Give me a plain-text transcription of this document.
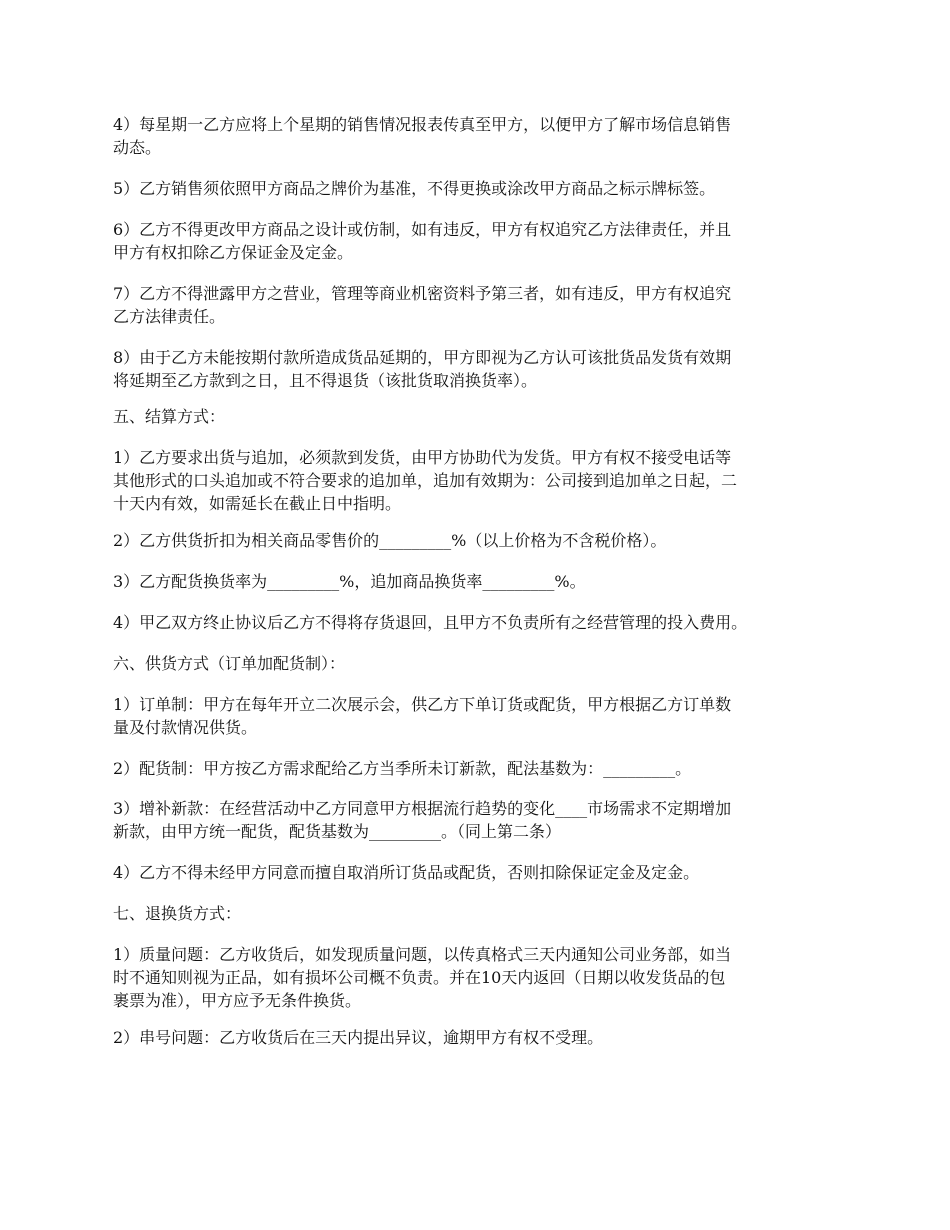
4）每星期一乙方应将上个星期的销售情况报表传真至甲方，以便甲方了解市场信息销售
动态。
5）乙方销售须依照甲方商品之牌价为基准，不得更换或涂改甲方商品之标示牌标签。
6）乙方不得更改甲方商品之设计或仿制，如有违反，甲方有权追究乙方法律责任，并且
甲方有权扣除乙方保证金及定金。
7）乙方不得泄露甲方之营业，管理等商业机密资料予第三者，如有违反，甲方有权追究
乙方法律责任。
8）由于乙方未能按期付款所造成货品延期的，甲方即视为乙方认可该批货品发货有效期
将延期至乙方款到之日，且不得退货（该批货取消换货率）。
五、结算方式：
1）乙方要求出货与追加，必须款到发货，由甲方协助代为发货。甲方有权不接受电话等
其他形式的口头追加或不符合要求的追加单，追加有效期为：公司接到追加单之日起，二
十天内有效，如需延长在截止日中指明。
2）乙方供货折扣为相关商品零售价的_________%（以上价格为不含税价格）。
3）乙方配货换货率为_________%，追加商品换货率_________%。
4）甲乙双方终止协议后乙方不得将存货退回，且甲方不负责所有之经营管理的投入费用。
六、供货方式（订单加配货制）：
1）订单制：甲方在每年开立二次展示会，供乙方下单订货或配货，甲方根据乙方订单数
量及付款情况供货。
2）配货制：甲方按乙方需求配给乙方当季所未订新款，配法基数为：_________。
3）增补新款：在经营活动中乙方同意甲方根据流行趋势的变化____市场需求不定期增加
新款，由甲方统一配货，配货基数为_________。（同上第二条）
4）乙方不得未经甲方同意而擅自取消所订货品或配货，否则扣除保证定金及定金。
七、退换货方式：
1）质量问题：乙方收货后，如发现质量问题，以传真格式三天内通知公司业务部，如当
时不通知则视为正品，如有损坏公司概不负责。并在10天内返回（日期以收发货品的包
裹票为准），甲方应予无条件换货。
2）串号问题：乙方收货后在三天内提出异议，逾期甲方有权不受理。
